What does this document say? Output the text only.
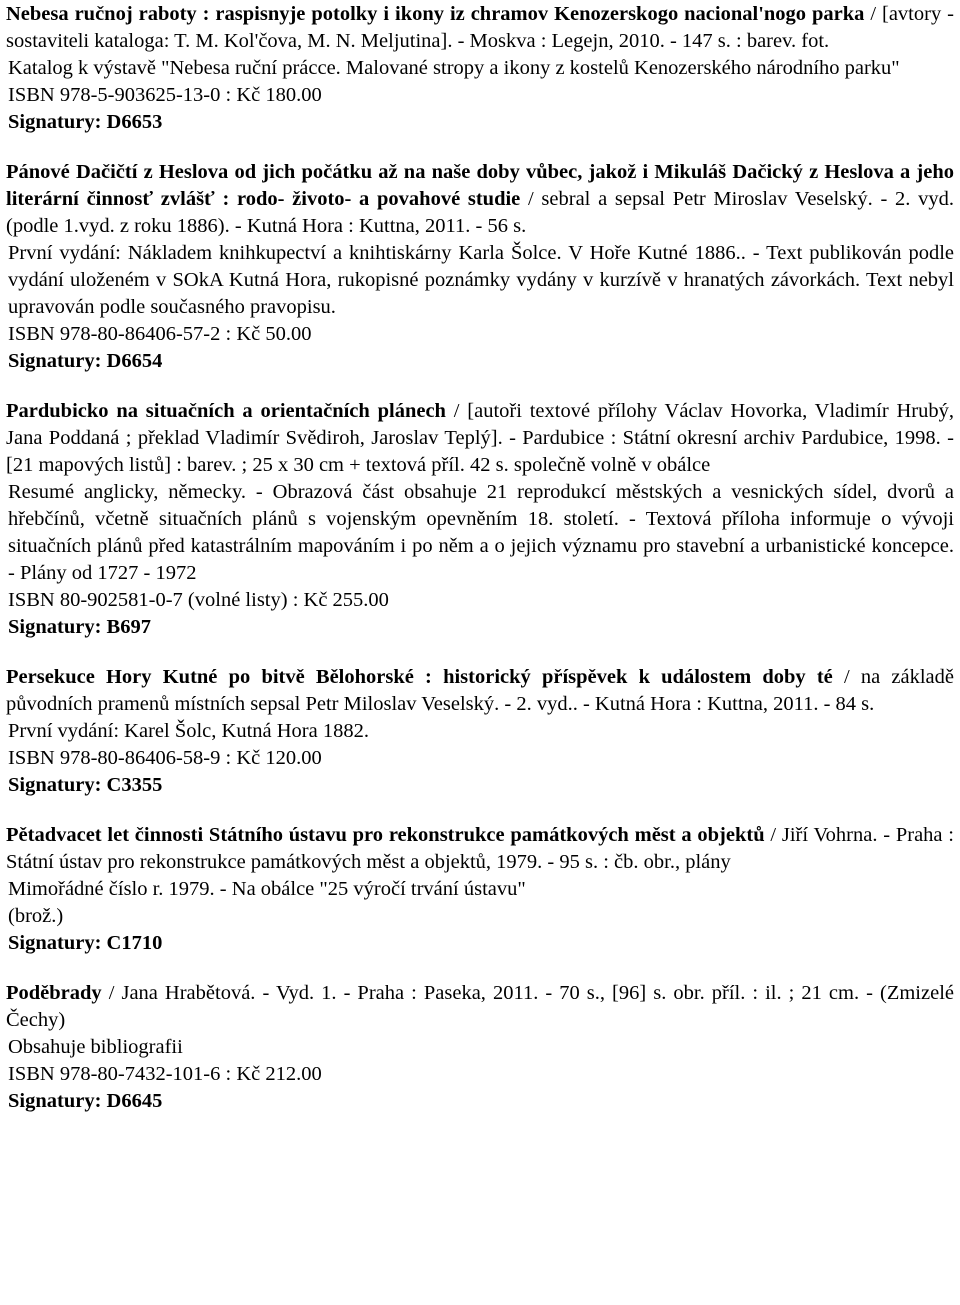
Nebesa ručnoj raboty : raspisnyje potolky i ikony iz chramov Kenozerskogo nacional'nogo parka / [avtory - sostaviteli kataloga: T. M. Kol'čova, M. N. Meljutina]. - Moskva : Legejn, 2010. - 147 s. : barev. fot.

Katalog k výstavě "Nebesa ruční prácce. Malované stropy a ikony z kostelů Kenozerského národního parku"

ISBN 978-5-903625-13-0 : Kč 180.00

Signatury: D6653

Pánové Dačičtí z Heslova od jich počátku až na naše doby vůbec, jakož i Mikuláš Dačický z Heslova a jeho literární činnosť zvlášť : rodo- životo- a povahové studie / sebral a sepsal Petr Miroslav Veselský. - 2. vyd. (podle 1.vyd. z roku 1886). - Kutná Hora : Kuttna, 2011. - 56 s.

První vydání: Nákladem knihkupectví a knihtiskárny Karla Šolce. V Hoře Kutné 1886.. - Text publikován podle vydání uloženém v SOkA Kutná Hora, rukopisné poznámky vydány v kurzívě v hranatých závorkách. Text nebyl upravován podle současného pravopisu.

ISBN 978-80-86406-57-2 : Kč 50.00

Signatury: D6654

Pardubicko na situačních a orientačních plánech / [autoři textové přílohy Václav Hovorka, Vladimír Hrubý, Jana Poddaná ; překlad Vladimír Svědiroh, Jaroslav Teplý]. - Pardubice : Státní okresní archiv Pardubice, 1998. - [21 mapových listů] : barev. ; 25 x 30 cm + textová příl. 42 s. společně volně v obálce

Resumé anglicky, německy. - Obrazová část obsahuje 21 reprodukcí městských a vesnických sídel, dvorů a hřebčínů, včetně situačních plánů s vojenským opevněním 18. století. - Textová příloha informuje o vývoji situačních plánů před katastrálním mapováním i po něm a o jejich významu pro stavební a urbanistické koncepce. - Plány od 1727 - 1972

ISBN 80-902581-0-7 (volné listy) : Kč 255.00

Signatury: B697

Persekuce Hory Kutné po bitvě Bělohorské : historický příspěvek k událostem doby té / na základě původních pramenů místních sepsal Petr Miloslav Veselský. - 2. vyd.. - Kutná Hora : Kuttna, 2011. - 84 s.

První vydání: Karel Šolc, Kutná Hora 1882.

ISBN 978-80-86406-58-9 : Kč 120.00

Signatury: C3355

Pětadvacet let činnosti Státního ústavu pro rekonstrukce památkových měst a objektů / Jiří Vohrna. - Praha : Státní ústav pro rekonstrukce památkových měst a objektů, 1979. - 95 s. : čb. obr., plány

Mimořádné číslo r. 1979. - Na obálce "25 výročí trvání ústavu"

(brož.)

Signatury: C1710

Poděbrady / Jana Hrabětová. - Vyd. 1. - Praha : Paseka, 2011. - 70 s., [96] s. obr. příl. : il. ; 21 cm. - (Zmizelé Čechy)

Obsahuje bibliografii

ISBN 978-80-7432-101-6 : Kč 212.00

Signatury: D6645
